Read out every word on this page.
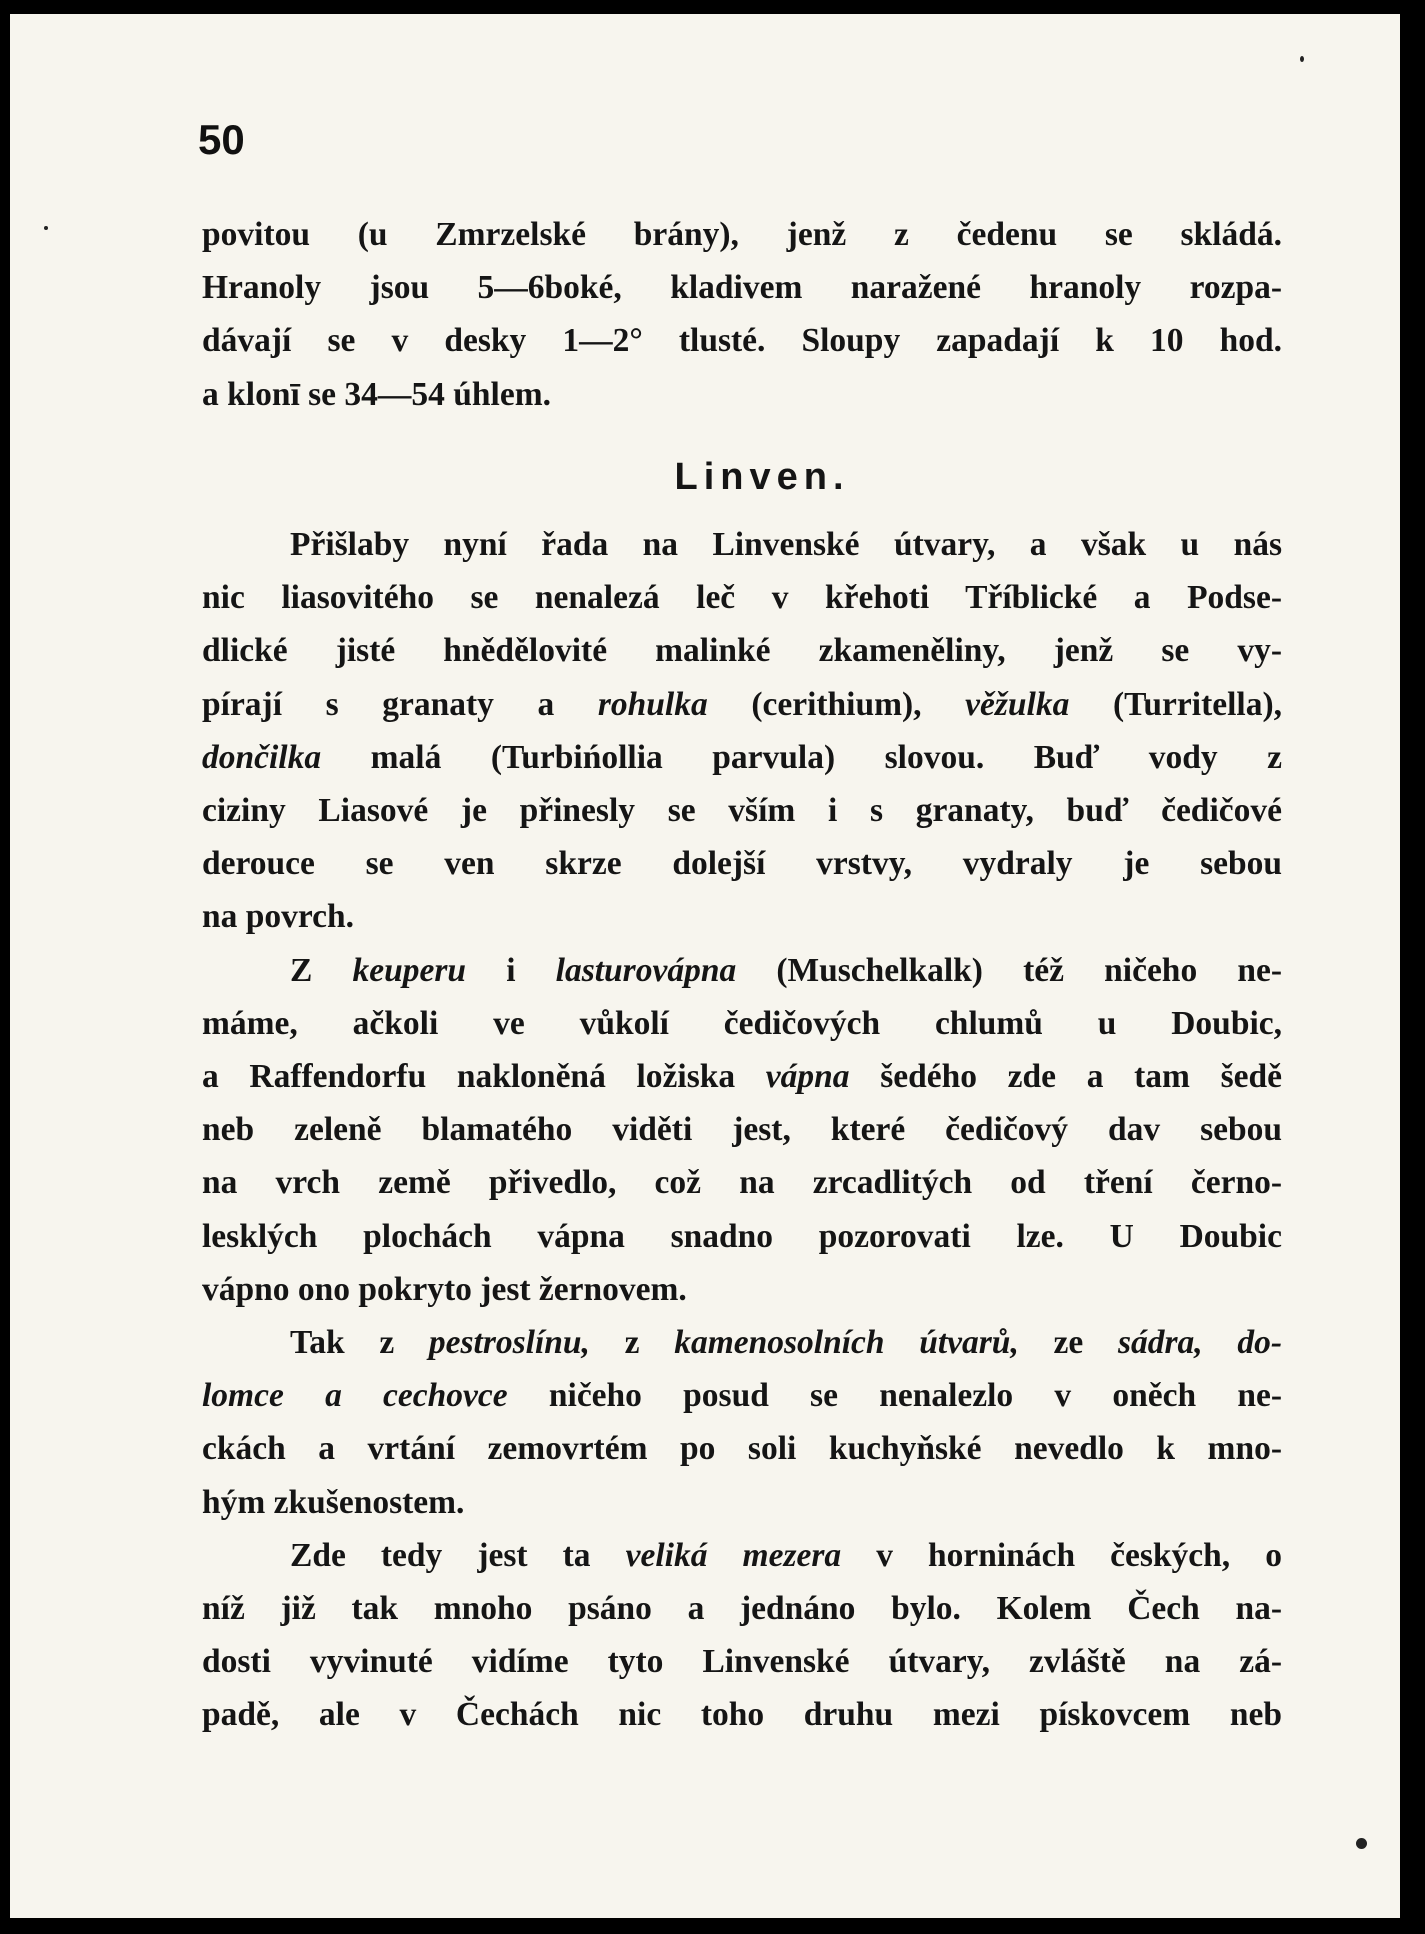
50
povitou (u Zmrzelské brány), jenž z čedenu se skládá.
Hranoly jsou 5—6boké, kladivem naražené hranoly rozpa-
dávají se v desky 1—2° tlusté. Sloupy zapadají k 10 hod.
a klonī se 34—54 úhlem.
Linven.
Přišlaby nyní řada na Linvenské útvary, a však u nás
nic liasovitého se nenalezá leč v křehoti Tříblické a Podse-
dlické jisté hnědělovité malinké zkameněliny, jenž se vy-
pírají s granaty a rohulka (cerithium), věžulka (Turritella),
dončilka malá (Turbińollia parvula) slovou. Buď vody z
ciziny Liasové je přinesly se vším i s granaty, buď čedičové
derouce se ven skrze dolejší vrstvy, vydraly je sebou
na povrch.
Z keuperu i lasturovápna (Muschelkalk) též ničeho ne-
máme, ačkoli ve vůkolí čedičových chlumů u Doubic,
a Raffendorfu nakloněná ložiska vápna šedého zde a tam šedě
neb zeleně blamatého viděti jest, které čedičový dav sebou
na vrch země přivedlo, což na zrcadlitých od tření černo-
lesklých plochách vápna snadno pozorovati lze. U Doubic
vápno ono pokryto jest žernovem.
Tak z pestroslínu, z kamenosolních útvarů, ze sádra, do-
lomce a cechovce ničeho posud se nenalezlo v oněch ne-
ckách a vrtání zemovrtém po soli kuchyňské nevedlo k mno-
hým zkušenostem.
Zde tedy jest ta veliká mezera v horninách českých, o
níž již tak mnoho psáno a jednáno bylo. Kolem Čech na-
dosti vyvinuté vidíme tyto Linvenské útvary, zvláště na zá-
padě, ale v Čechách nic toho druhu mezi pískovcem neb
